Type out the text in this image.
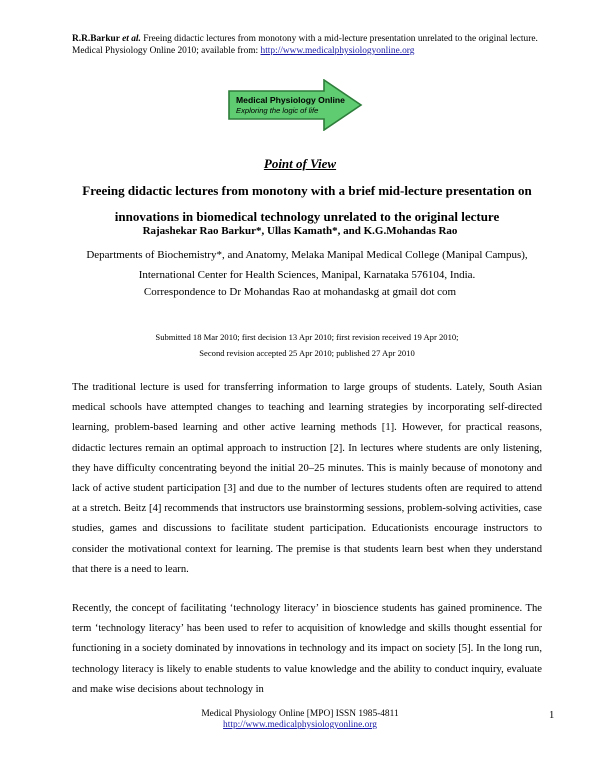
R.R.Barkur et al. Freeing didactic lectures from monotony with a mid-lecture presentation unrelated to the original lecture. Medical Physiology Online 2010; available from: http://www.medicalphysiologyonline.org
Medical Physiology Online
Exploring the logic of life
Point of View
Freeing didactic lectures from monotony with a brief mid-lecture presentation on innovations in biomedical technology unrelated to the original lecture
Rajashekar Rao Barkur*, Ullas Kamath*, and K.G.Mohandas Rao
Departments of Biochemistry*, and Anatomy, Melaka Manipal Medical College (Manipal Campus), International Center for Health Sciences, Manipal, Karnataka 576104, India.
Correspondence to Dr Mohandas Rao at mohandaskg at gmail dot com
Submitted 18 Mar 2010; first decision 13 Apr 2010; first revision received 19 Apr 2010;
Second revision accepted 25 Apr 2010; published 27 Apr 2010
The traditional lecture is used for transferring information to large groups of students. Lately, South Asian medical schools have attempted changes to teaching and learning strategies by incorporating self-directed learning, problem-based learning and other active learning methods [1]. However, for practical reasons, didactic lectures remain an optimal approach to instruction [2]. In lectures where students are only listening, they have difficulty concentrating beyond the initial 20–25 minutes. This is mainly because of monotony and lack of active student participation [3] and due to the number of lectures students often are required to attend at a stretch. Beitz [4] recommends that instructors use brainstorming sessions, problem-solving activities, case studies, games and discussions to facilitate student participation. Educationists encourage instructors to consider the motivational context for learning. The premise is that students learn best when they understand that there is a need to learn.
Recently, the concept of facilitating ‘technology literacy’ in bioscience students has gained prominence. The term ‘technology literacy’ has been used to refer to acquisition of knowledge and skills thought essential for functioning in a society dominated by innovations in technology and its impact on society [5]. In the long run, technology literacy is likely to enable students to value knowledge and the ability to conduct inquiry, evaluate and make wise decisions about technology in
Medical Physiology Online [MPO] ISSN 1985-4811
http://www.medicalphysiologyonline.org
1
